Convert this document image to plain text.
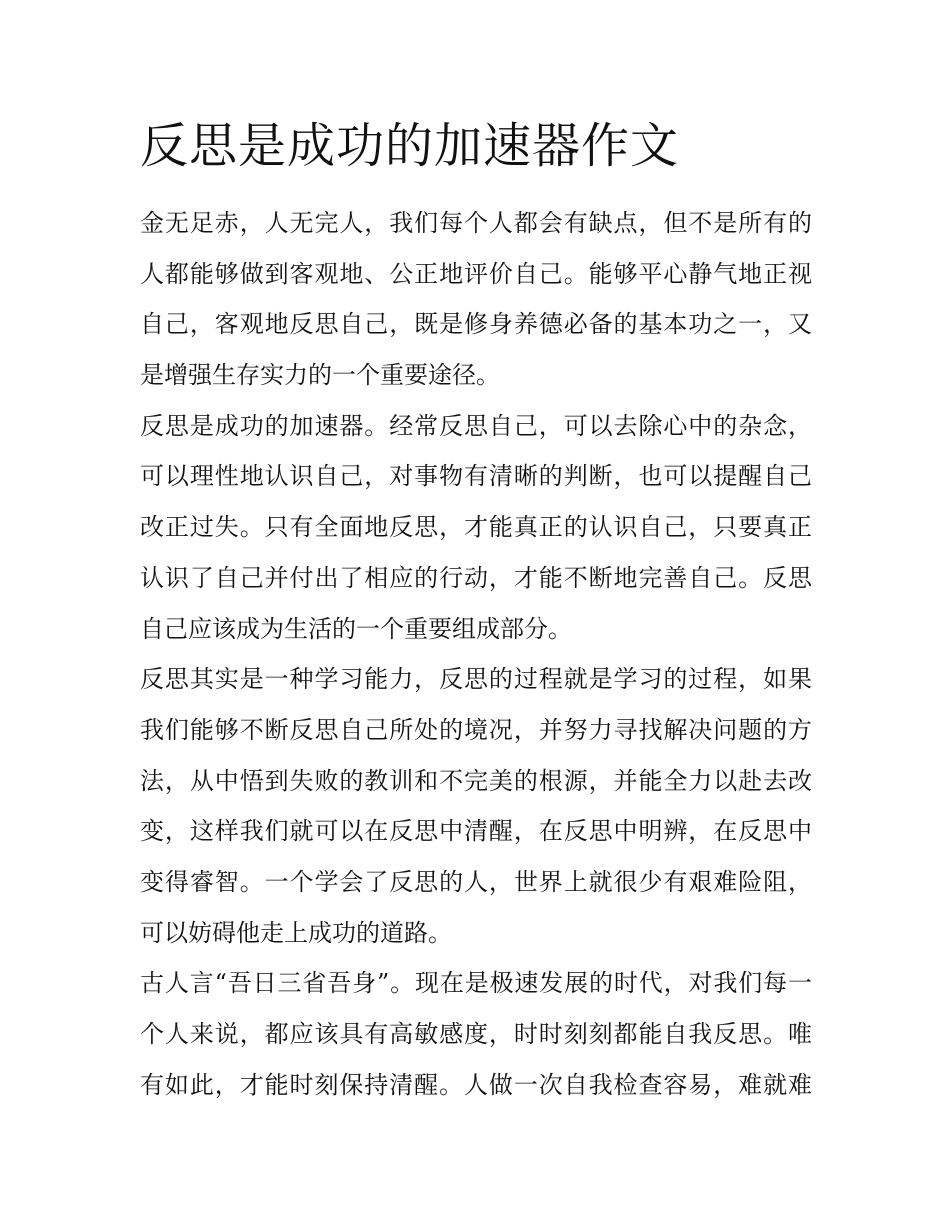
反思是成功的加速器作文
金无足赤，人无完人，我们每个人都会有缺点，但不是所有的
人都能够做到客观地、公正地评价自己。能够平心静气地正视
自己，客观地反思自己，既是修身养德必备的基本功之一，又
是增强生存实力的一个重要途径。
反思是成功的加速器。经常反思自己，可以去除心中的杂念，
可以理性地认识自己，对事物有清晰的判断，也可以提醒自己
改正过失。只有全面地反思，才能真正的认识自己，只要真正
认识了自己并付出了相应的行动，才能不断地完善自己。反思
自己应该成为生活的一个重要组成部分。
反思其实是一种学习能力，反思的过程就是学习的过程，如果
我们能够不断反思自己所处的境况，并努力寻找解决问题的方
法，从中悟到失败的教训和不完美的根源，并能全力以赴去改
变，这样我们就可以在反思中清醒，在反思中明辨，在反思中
变得睿智。一个学会了反思的人，世界上就很少有艰难险阻，
可以妨碍他走上成功的道路。
古人言“吾日三省吾身”。现在是极速发展的时代，对我们每一
个人来说，都应该具有高敏感度，时时刻刻都能自我反思。唯
有如此，才能时刻保持清醒。人做一次自我检查容易，难就难
